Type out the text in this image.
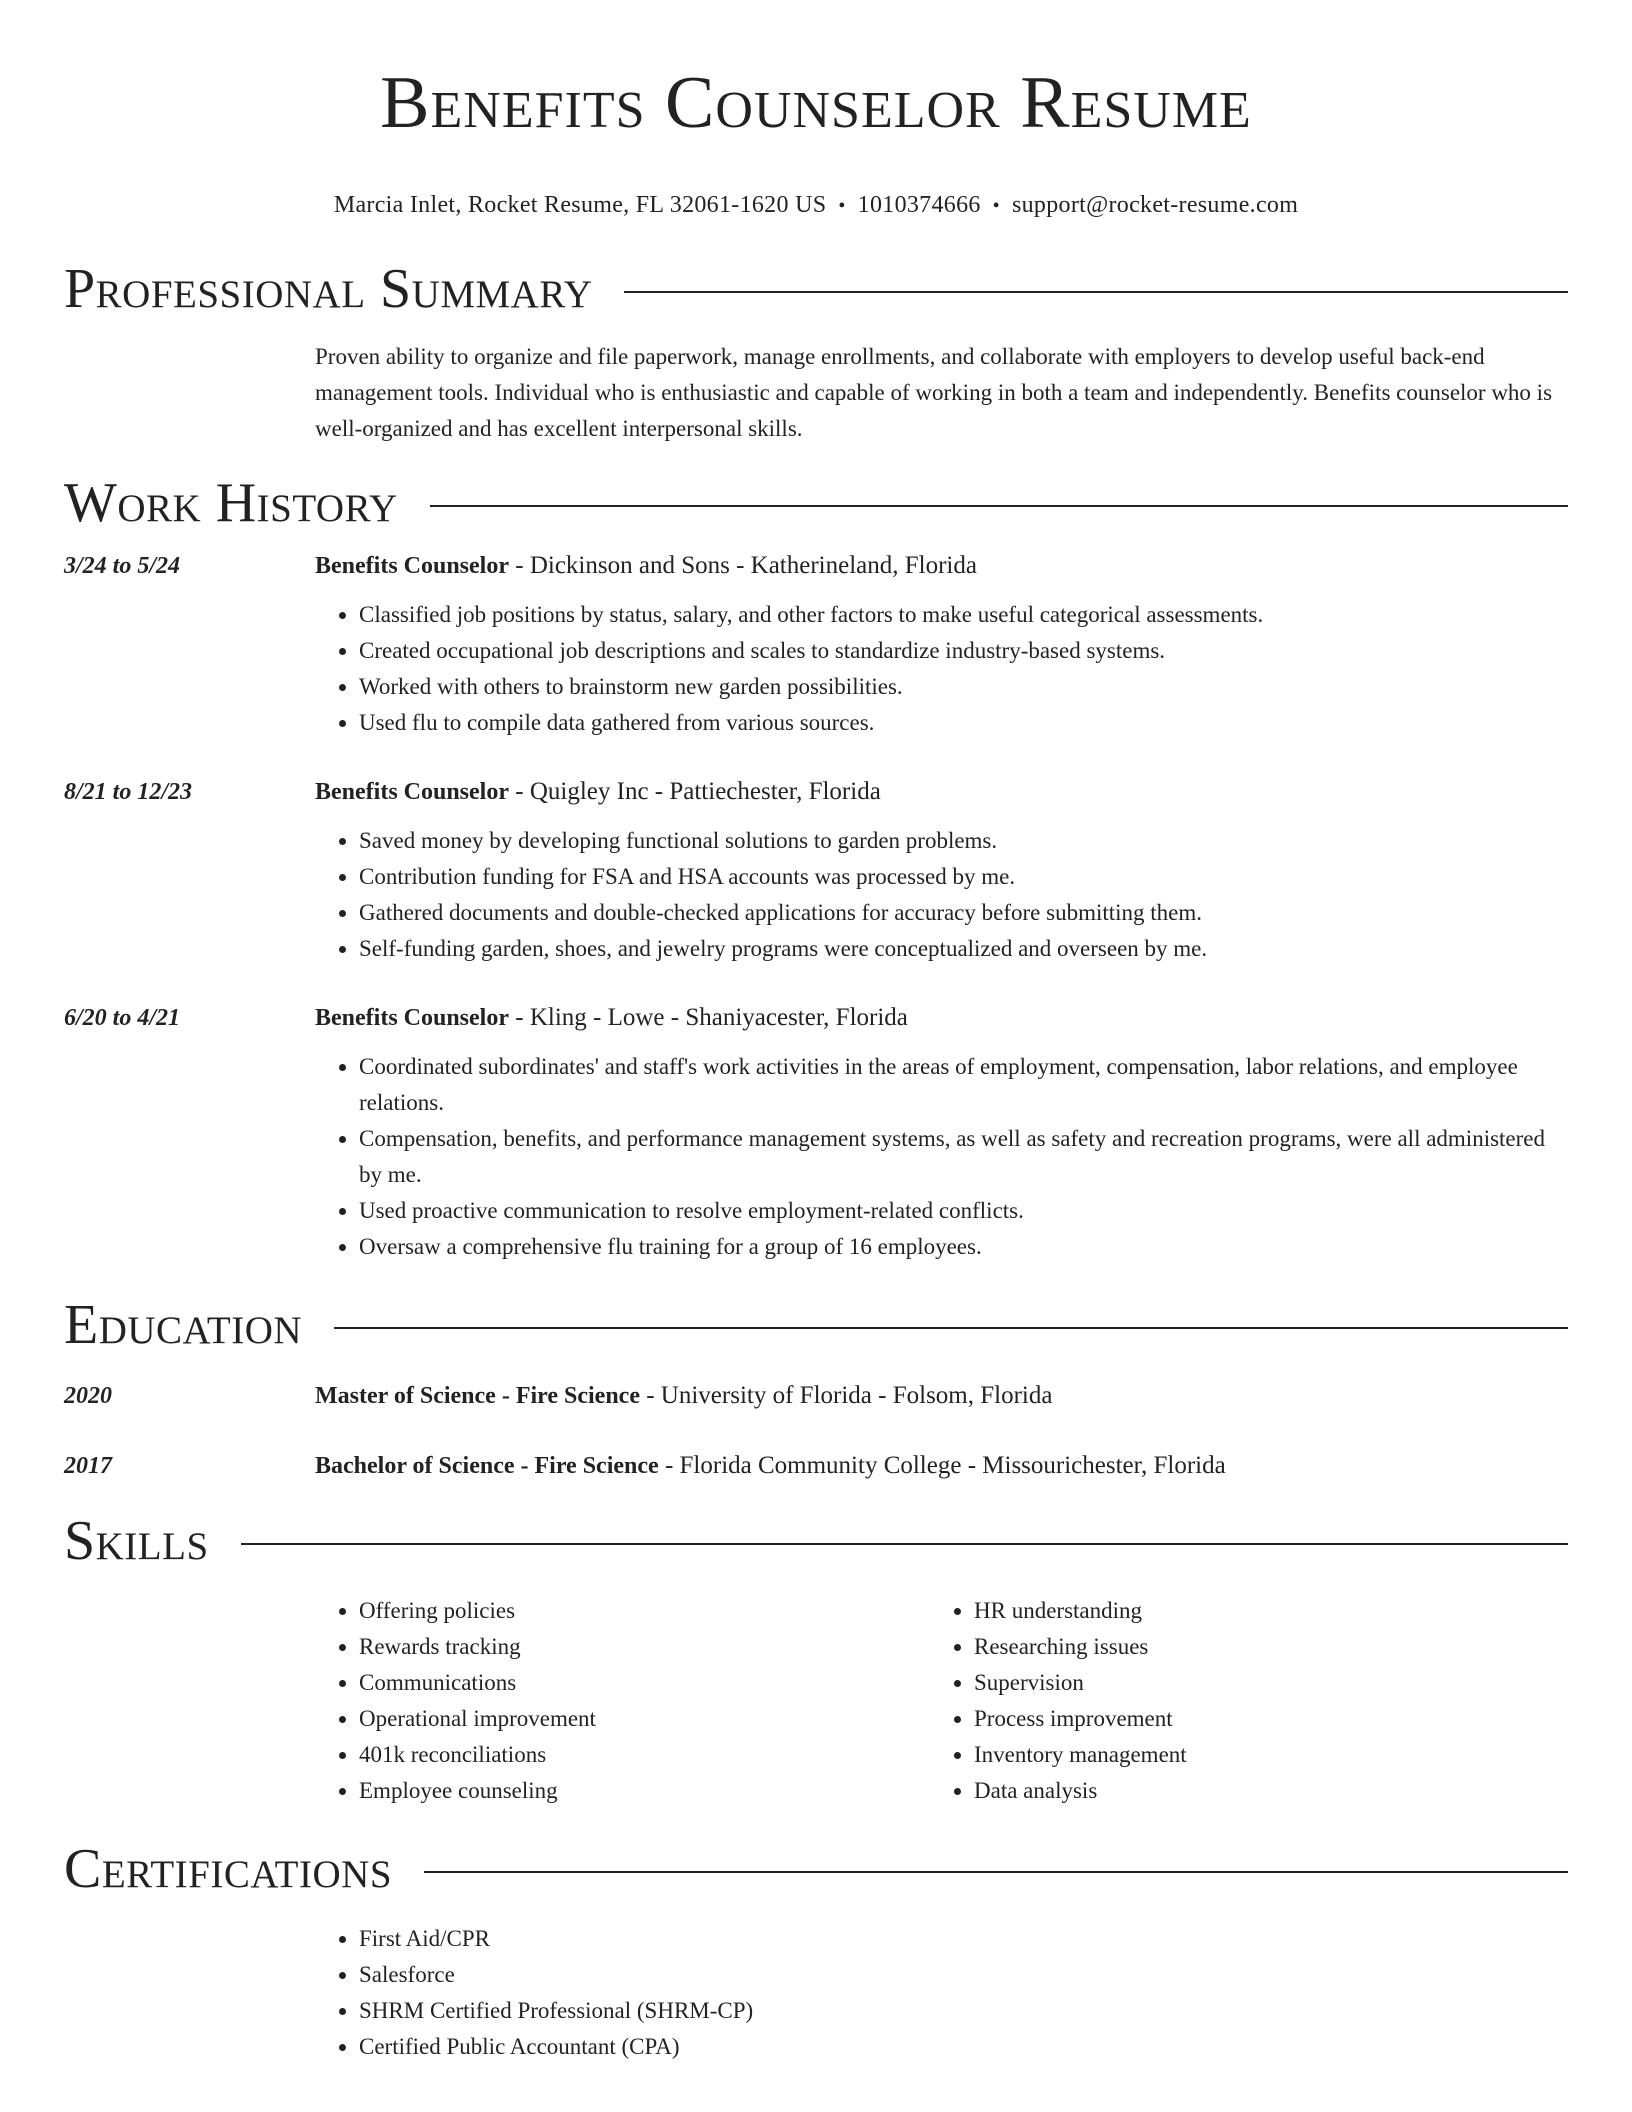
Benefits Counselor Resume
Marcia Inlet, Rocket Resume, FL 32061-1620 US • 1010374666 • support@rocket-resume.com
Professional Summary
Proven ability to organize and file paperwork, manage enrollments, and collaborate with employers to develop useful back-end management tools. Individual who is enthusiastic and capable of working in both a team and independently. Benefits counselor who is well-organized and has excellent interpersonal skills.
Work History
3/24 to 5/24	Benefits Counselor - Dickinson and Sons - Katherineland, Florida
• Classified job positions by status, salary, and other factors to make useful categorical assessments.
• Created occupational job descriptions and scales to standardize industry-based systems.
• Worked with others to brainstorm new garden possibilities.
• Used flu to compile data gathered from various sources.
8/21 to 12/23	Benefits Counselor - Quigley Inc - Pattiechester, Florida
• Saved money by developing functional solutions to garden problems.
• Contribution funding for FSA and HSA accounts was processed by me.
• Gathered documents and double-checked applications for accuracy before submitting them.
• Self-funding garden, shoes, and jewelry programs were conceptualized and overseen by me.
6/20 to 4/21	Benefits Counselor - Kling - Lowe - Shaniyacester, Florida
• Coordinated subordinates' and staff's work activities in the areas of employment, compensation, labor relations, and employee relations.
• Compensation, benefits, and performance management systems, as well as safety and recreation programs, were all administered by me.
• Used proactive communication to resolve employment-related conflicts.
• Oversaw a comprehensive flu training for a group of 16 employees.
Education
2020	Master of Science - Fire Science - University of Florida - Folsom, Florida
2017	Bachelor of Science - Fire Science - Florida Community College - Missourichester, Florida
Skills
• Offering policies
• Rewards tracking
• Communications
• Operational improvement
• 401k reconciliations
• Employee counseling
• HR understanding
• Researching issues
• Supervision
• Process improvement
• Inventory management
• Data analysis
Certifications
• First Aid/CPR
• Salesforce
• SHRM Certified Professional (SHRM-CP)
• Certified Public Accountant (CPA)
